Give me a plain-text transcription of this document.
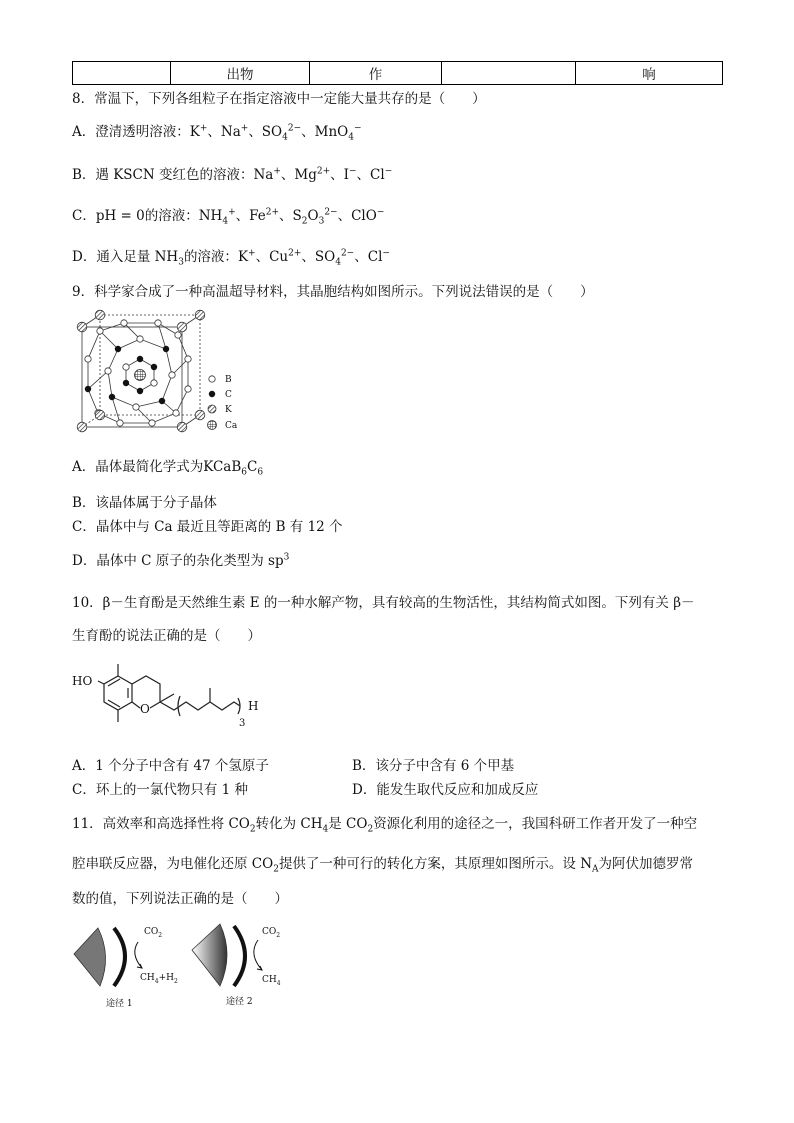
	出物	作		响
8．常温下，下列各组粒子在指定溶液中一定能大量共存的是（　　）
A．澄清透明溶液：K+、Na+、$SO_4^{2-}$、MnO$_4$−
B．遇 KSCN 变红色的溶液：Na+、$Mg^{2+}$、I−、Cl−
C．pH = 0的溶液：$NH_4^+$、$Fe^{2+}$、$S_2O_3^{2-}$、ClO−
D．通入足量 $NH_3$的溶液：K+、$Cu^{2+}$、$SO_4^{2-}$、Cl−
9．科学家合成了一种高温超导材料，其晶胞结构如图所示。下列说法错误的是（　　）
B
C
K
Ca
A．晶体最简化学式为$KCaB_6C_6$
B．该晶体属于分子晶体
C．晶体中与 Ca 最近且等距离的 B 有 12 个
D．晶体中 C 原子的杂化类型为 $sp^3$
10．β－生育酚是天然维生素 E 的一种水解产物，具有较高的生物活性，其结构简式如图。下列有关 β－
生育酚的说法正确的是（　　）
HO
O	H
3
A．1 个分子中含有 47 个氢原子	B．该分子中含有 6 个甲基
C．环上的一氯代物只有 1 种	D．能发生取代反应和加成反应
11．高效率和高选择性将 $CO_2$转化为 $CH_4$是 $CO_2$资源化利用的途径之一，我国科研工作者开发了一种空
腔串联反应器，为电催化还原 $CO_2$提供了一种可行的转化方案，其原理如图所示。设 $N_A$为阿伏加德罗常
数的值，下列说法正确的是（　　）
$CO_2$
$CH_4+H_2$
途径 1
$CO_2$
$CH_4$
途径 2
